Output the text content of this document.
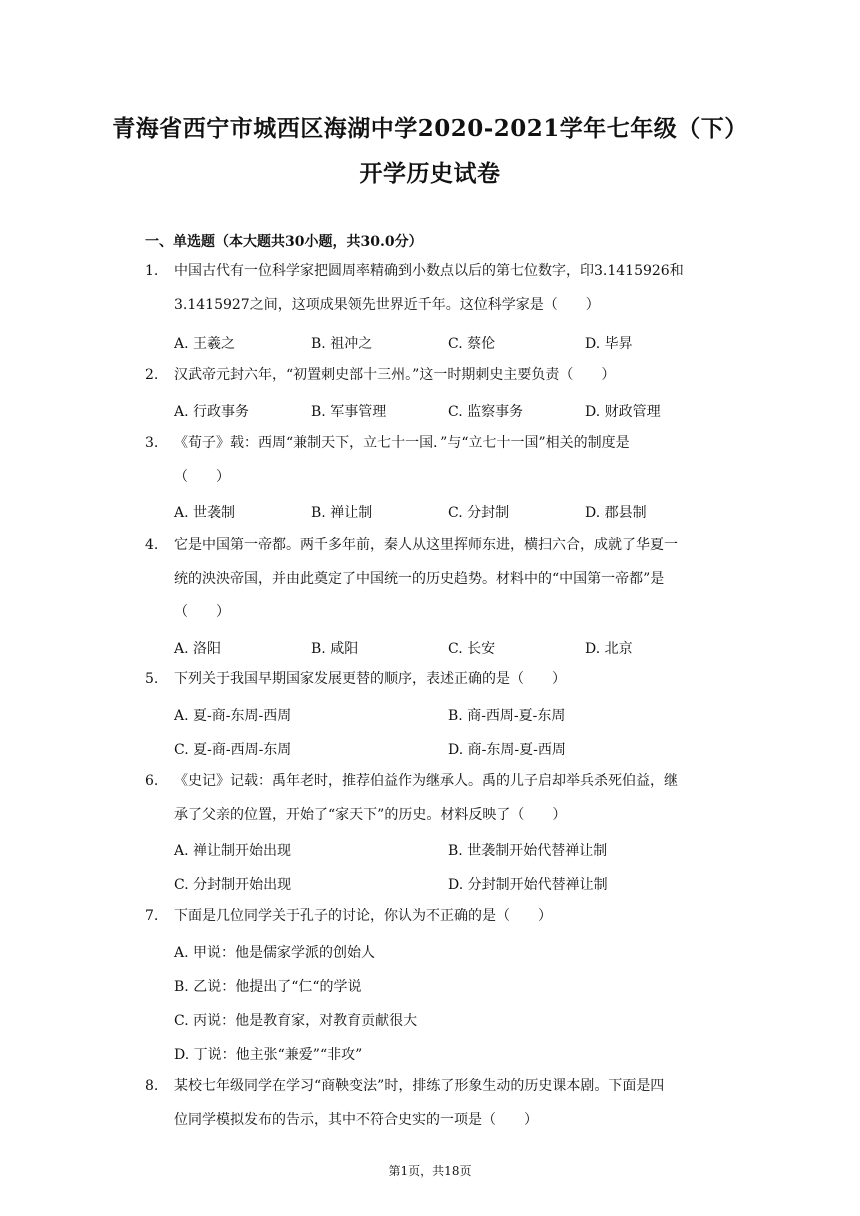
青海省西宁市城西区海湖中学2020-2021学年七年级（下）
开学历史试卷
一、单选题（本大题共30小题，共30.0分）
1. 中国古代有一位科学家把圆周率精确到小数点以后的第七位数字，印3.1415926和
3.1415927之间，这项成果领先世界近千年。这位科学家是（　　）
A. 王羲之	B. 祖冲之	C. 蔡伦	D. 毕昇
2. 汉武帝元封六年，“初置刺史部十三州。”这一时期刺史主要负责（　　）
A. 行政事务	B. 军事管理	C. 监察事务	D. 财政管理
3. 《荀子》载：西周“兼制天下，立七十一国．”与“立七十一国”相关的制度是
（　　）
A. 世袭制	B. 禅让制	C. 分封制	D. 郡县制
4. 它是中国第一帝都。两千多年前，秦人从这里挥师东进，横扫六合，成就了华夏一
统的泱泱帝国，并由此奠定了中国统一的历史趋势。材料中的“中国第一帝都”是
（　　）
A. 洛阳	B. 咸阳	C. 长安	D. 北京
5. 下列关于我国早期国家发展更替的顺序，表述正确的是（　　）
A. 夏-商-东周-西周	B. 商-西周-夏-东周
C. 夏-商-西周-东周	D. 商-东周-夏-西周
6. 《史记》记载：禹年老时，推荐伯益作为继承人。禹的儿子启却举兵杀死伯益，继
承了父亲的位置，开始了“家天下”的历史。材料反映了（　　）
A. 禅让制开始出现	B. 世袭制开始代替禅让制
C. 分封制开始出现	D. 分封制开始代替禅让制
7. 下面是几位同学关于孔子的讨论，你认为不正确的是（　　）
A. 甲说：他是儒家学派的创始人
B. 乙说：他提出了“仁“的学说
C. 丙说：他是教育家，对教育贡献很大
D. 丁说：他主张“兼爱”“非攻”
8. 某校七年级同学在学习“商鞅变法”时，排练了形象生动的历史课本剧。下面是四
位同学模拟发布的告示，其中不符合史实的一项是（　　）
第1页，共18页
